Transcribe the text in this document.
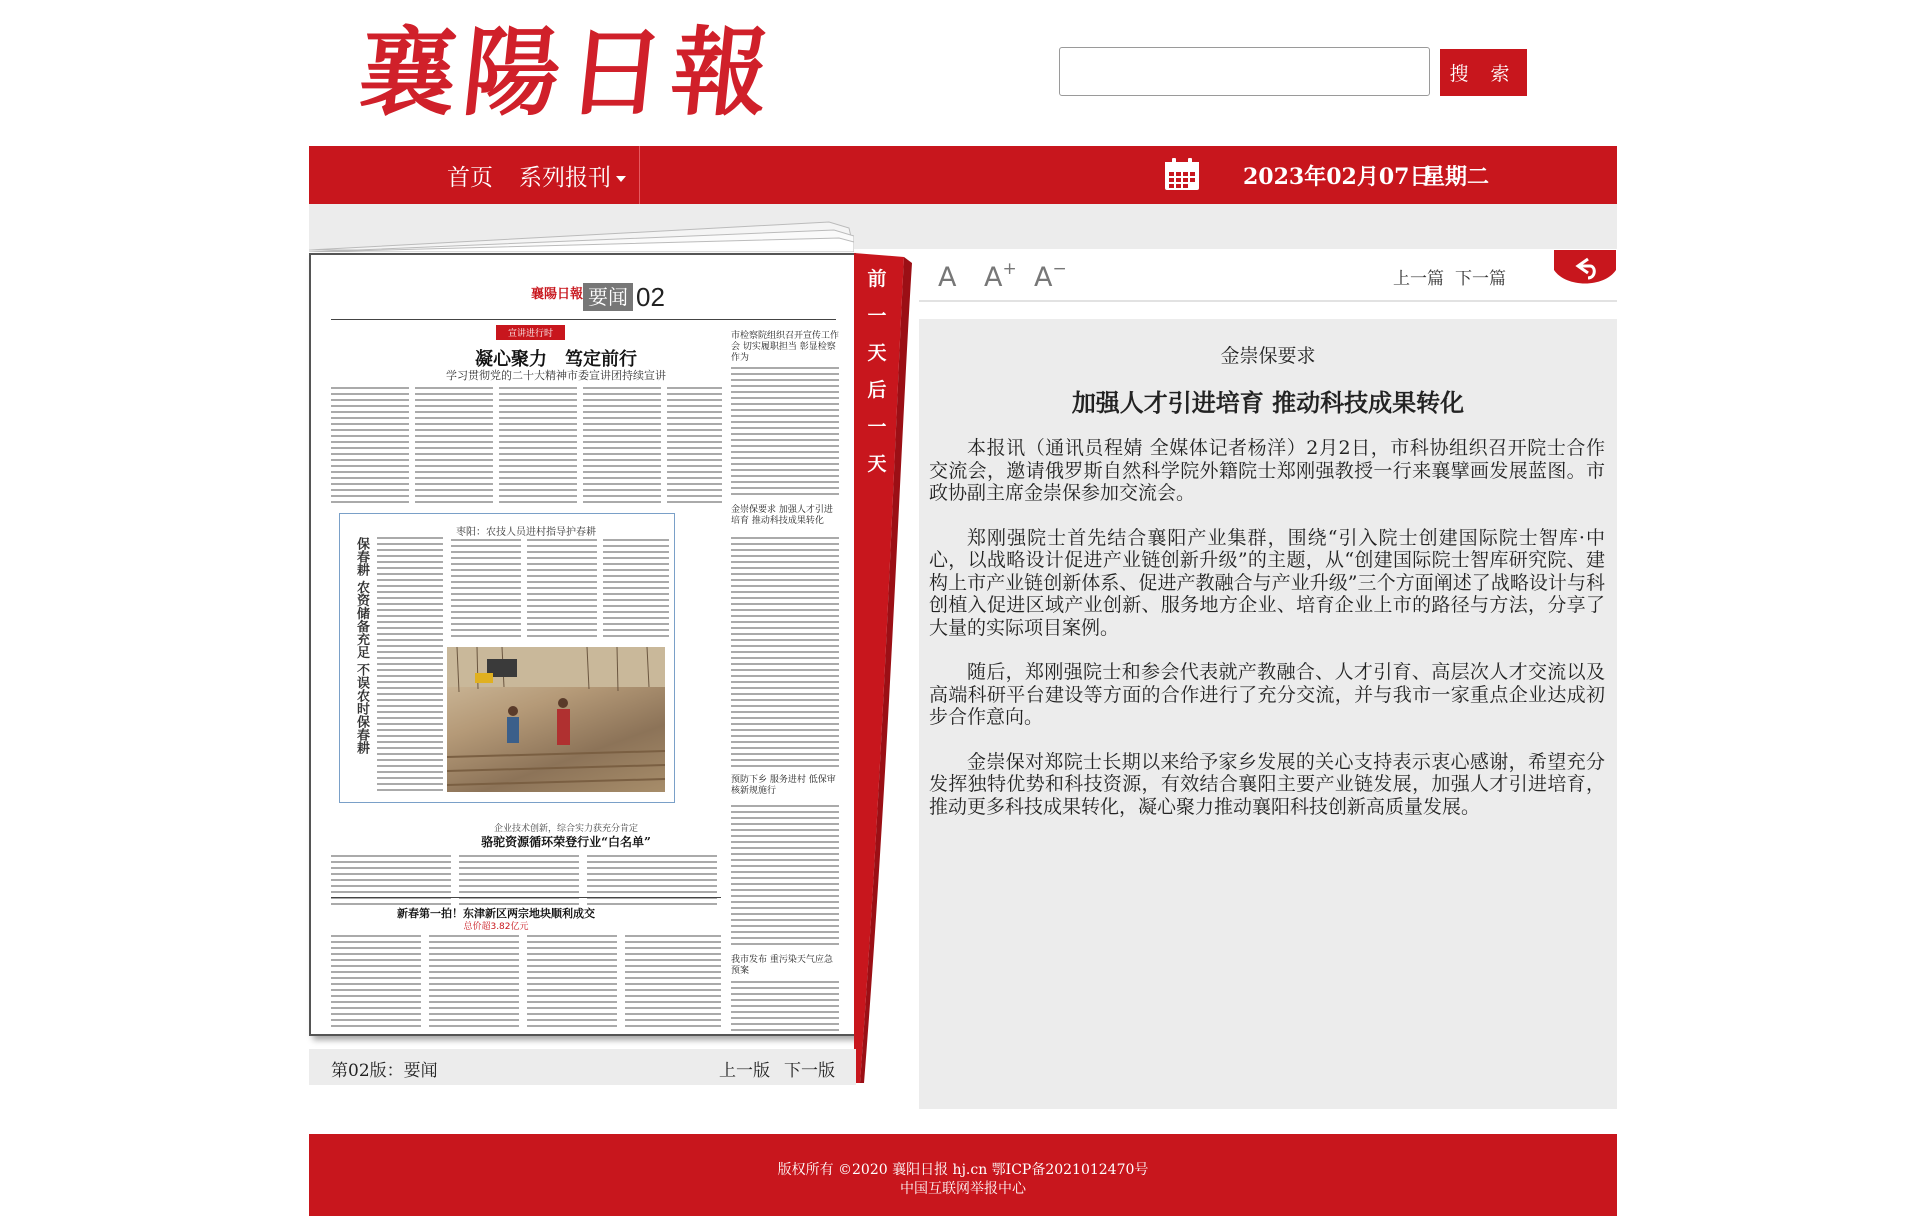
襄陽日報	搜 索
首页 系列报刊	2023年02月07日
星期二
襄陽日報 要闻 02
宣讲进行时
凝心聚力　笃定前行
学习贯彻党的二十大精神市委宣讲团持续宣讲
市检察院组织召开宣传工作会 切实履职担当 彰显检察作为
金崇保要求 加强人才引进培育 推动科技成果转化
预防下乡 服务进村 低保审核新规施行
我市发布 重污染天气应急预案
枣阳：农技人员进村指导护春耕
保春耕 农资储备充足 不误农时保春耕
企业技术创新，综合实力获充分肯定
骆驼资源循环荣登行业“白名单”
新春第一拍！东津新区两宗地块顺利成交
总价超3.82亿元
前
一
天
后
一
天
第02版：要闻	上一版 下一版
A A+ A−	上一篇 下一篇
金崇保要求
加强人才引进培育 推动科技成果转化

本报讯（通讯员程婧 全媒体记者杨洋）2月2日，市科协组织召开院士合作交流会，邀请俄罗斯自然科学院外籍院士郑刚强教授一行来襄擘画发展蓝图。市政协副主席金崇保参加交流会。

郑刚强院士首先结合襄阳产业集群，围绕“引入院士创建国际院士智库·中心，以战略设计促进产业链创新升级”的主题，从“创建国际院士智库研究院、建构上市产业链创新体系、促进产教融合与产业升级”三个方面阐述了战略设计与科创植入促进区域产业创新、服务地方企业、培育企业上市的路径与方法，分享了大量的实际项目案例。

随后，郑刚强院士和参会代表就产教融合、人才引育、高层次人才交流以及高端科研平台建设等方面的合作进行了充分交流，并与我市一家重点企业达成初步合作意向。

金崇保对郑院士长期以来给予家乡发展的关心支持表示衷心感谢，希望充分发挥独特优势和科技资源，有效结合襄阳主要产业链发展，加强人才引进培育，推动更多科技成果转化，凝心聚力推动襄阳科技创新高质量发展。

版权所有 ©2020 襄阳日报 hj.cn 鄂ICP备2021012470号
中国互联网举报中心
